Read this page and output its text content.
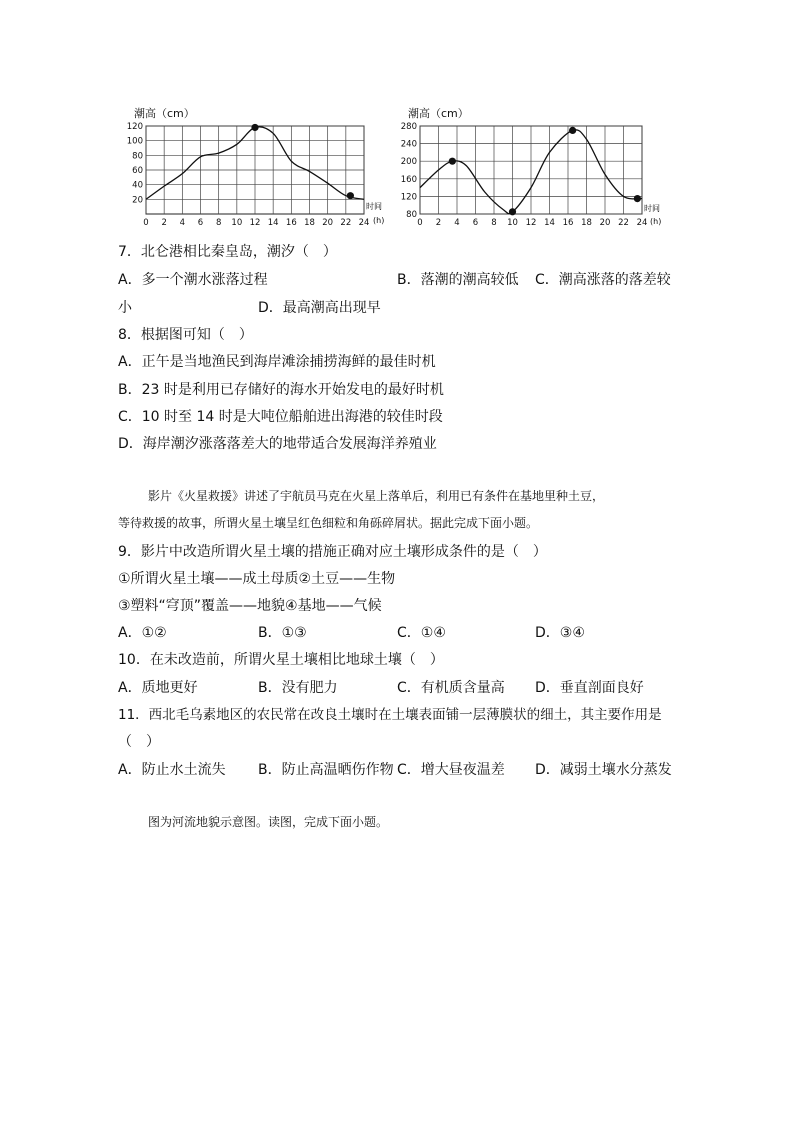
潮高（cm）
0 2 4 6 8 10 12 14 16 18 20 22 24
20
40
60
80
100
120
时间
(h)
潮高（cm）
0 2 4 6 8 10 12 14 16 18 20 22 24
80
120
160
200
240
280
时间
(h)
7．北仑港相比秦皇岛，潮汐（　）
A．多一个潮水涨落过程	B．落潮的潮高较低 C．潮高涨落的落差较
小	D．最高潮高出现早
8．根据图可知（　）
A．正午是当地渔民到海岸滩涂捕捞海鲜的最佳时机
B．23 时是利用已存储好的海水开始发电的最好时机
C．10 时至 14 时是大吨位船舶进出海港的较佳时段
D．海岸潮汐涨落落差大的地带适合发展海洋养殖业
影片《火星救援》讲述了宇航员马克在火星上落单后，利用已有条件在基地里种土豆，
等待救援的故事，所谓火星土壤呈红色细粒和角砾碎屑状。据此完成下面小题。
9．影片中改造所谓火星土壤的措施正确对应土壤形成条件的是（　）
①所谓火星土壤——成土母质②土豆——生物
③塑料“穹顶”覆盖——地貌④基地——气候
A．①②	B．①③	C．①④	D．③④
10．在未改造前，所谓火星土壤相比地球土壤（　）
A．质地更好	B．没有肥力	C．有机质含量高 D．垂直剖面良好
11．西北毛乌素地区的农民常在改良土壤时在土壤表面铺一层薄膜状的细土，其主要作用是
（　）
A．防止水土流失 B．防止高温晒伤作物 C．增大昼夜温差 D．减弱土壤水分蒸发
图为河流地貌示意图。读图，完成下面小题。
